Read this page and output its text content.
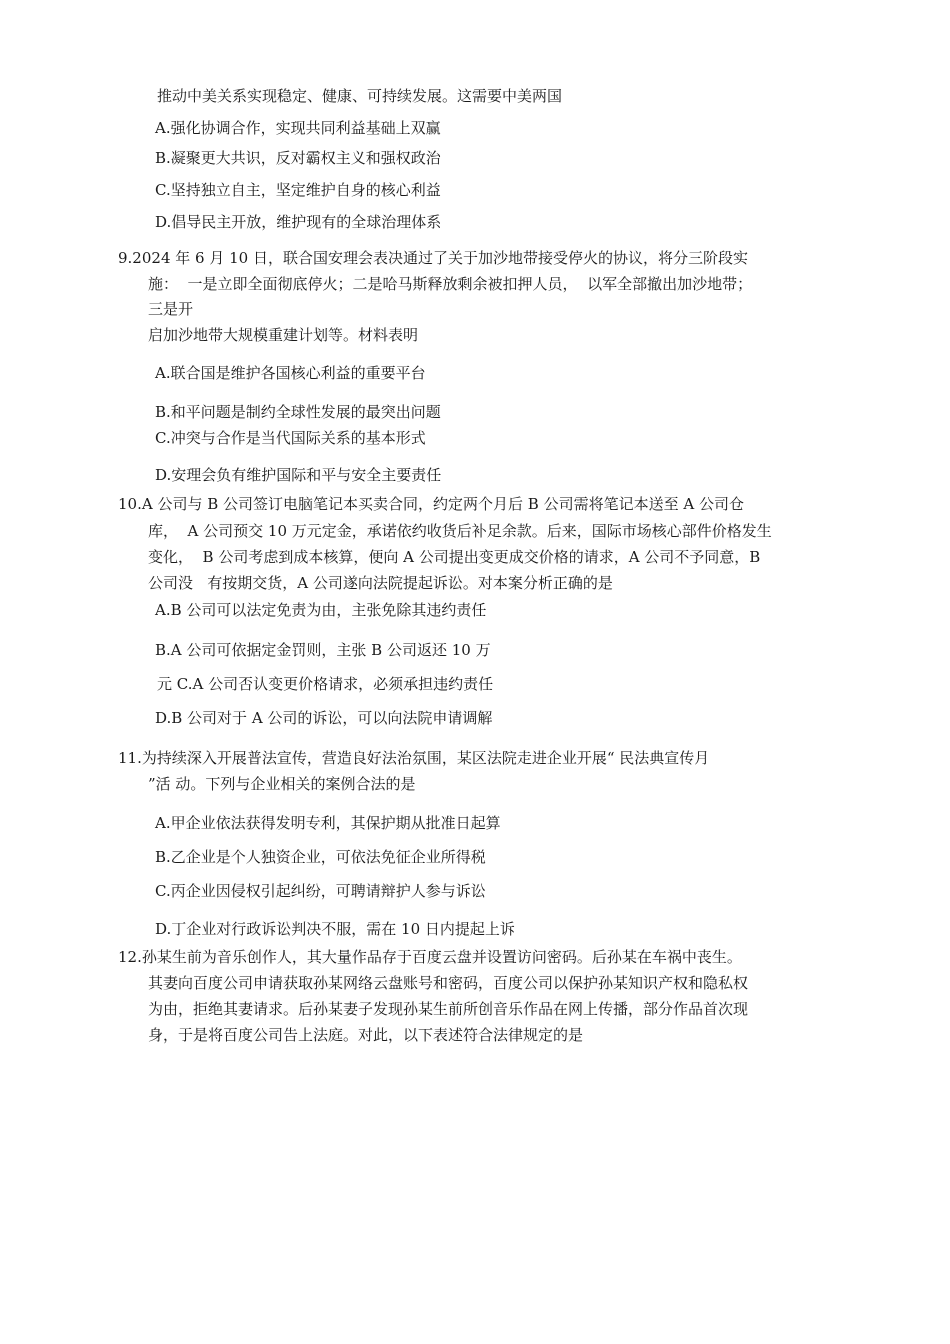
推动中美关系实现稳定、健康、可持续发展。这需要中美两国
A.强化协调合作，实现共同利益基础上双赢
B.凝聚更大共识，反对霸权主义和强权政治
C.坚持独立自主，坚定维护自身的核心利益
D.倡导民主开放，维护现有的全球治理体系
9.2024 年 6 月 10 日，联合国安理会表决通过了关于加沙地带接受停火的协议，将分三阶段实
施：  一是立即全面彻底停火；二是哈马斯释放剩余被扣押人员，  以军全部撤出加沙地带；
三是开
启加沙地带大规模重建计划等。材料表明
A.联合国是维护各国核心利益的重要平台
B.和平问题是制约全球性发展的最突出问题
C.冲突与合作是当代国际关系的基本形式
D.安理会负有维护国际和平与安全主要责任
10.A 公司与 B 公司签订电脑笔记本买卖合同，约定两个月后 B 公司需将笔记本送至 A 公司仓
库，  A 公司预交 10 万元定金，承诺依约收货后补足余款。后来，国际市场核心部件价格发生
变化，  B 公司考虑到成本核算，便向 A 公司提出变更成交价格的请求，A 公司不予同意，B
公司没   有按期交货，A 公司遂向法院提起诉讼。对本案分析正确的是
A.B 公司可以法定免责为由，主张免除其违约责任
B.A 公司可依据定金罚则，主张 B 公司返还 10 万
元 C.A 公司否认变更价格请求，必须承担违约责任
D.B 公司对于 A 公司的诉讼，可以向法院申请调解
11.为持续深入开展普法宣传，营造良好法治氛围，某区法院走进企业开展“ 民法典宣传月
”活 动。下列与企业相关的案例合法的是
A.甲企业依法获得发明专利，其保护期从批准日起算
B.乙企业是个人独资企业，可依法免征企业所得税
C.丙企业因侵权引起纠纷，可聘请辩护人参与诉讼
D.丁企业对行政诉讼判决不服，需在 10 日内提起上诉
12.孙某生前为音乐创作人，其大量作品存于百度云盘并设置访问密码。后孙某在车祸中丧生。
其妻向百度公司申请获取孙某网络云盘账号和密码，百度公司以保护孙某知识产权和隐私权
为由，拒绝其妻请求。后孙某妻子发现孙某生前所创音乐作品在网上传播，部分作品首次现
身，于是将百度公司告上法庭。对此，以下表述符合法律规定的是
